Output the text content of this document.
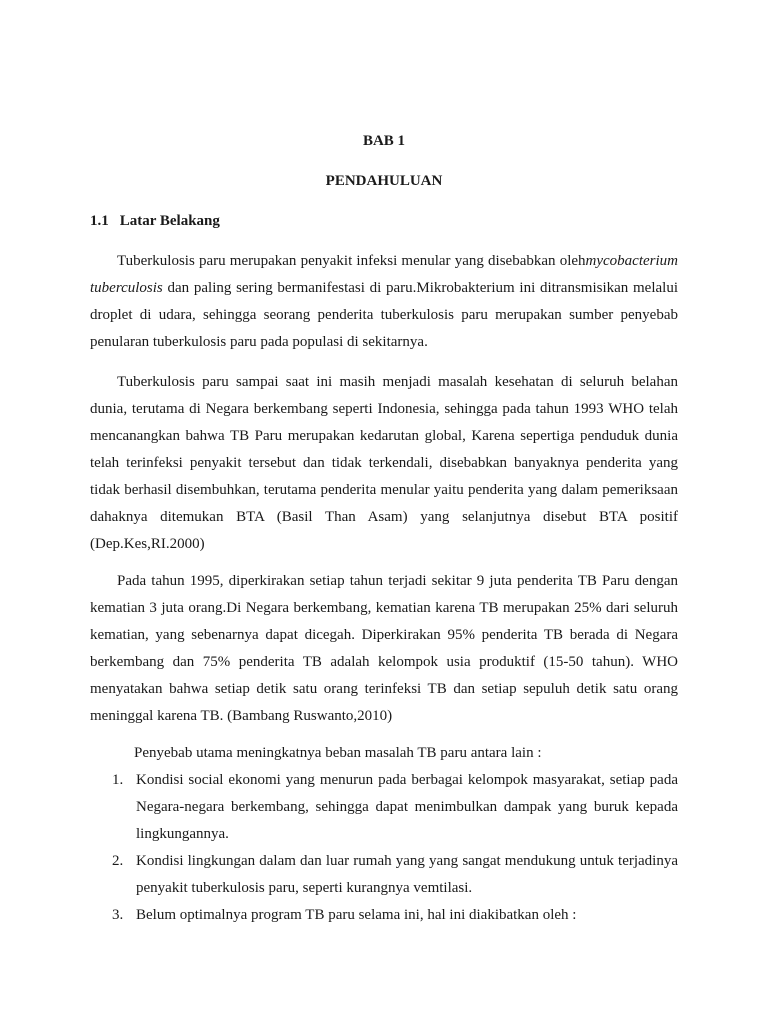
BAB 1
PENDAHULUAN
1.1 Latar Belakang

Tuberkulosis paru merupakan penyakit infeksi menular yang disebabkan olehmycobacterium tuberculosis dan paling sering bermanifestasi di paru.Mikrobakterium ini ditransmisikan melalui droplet di udara, sehingga seorang penderita tuberkulosis paru merupakan sumber penyebab penularan tuberkulosis paru pada populasi di sekitarnya.

Tuberkulosis paru sampai saat ini masih menjadi masalah kesehatan di seluruh belahan dunia, terutama di Negara berkembang seperti Indonesia, sehingga pada tahun 1993 WHO telah mencanangkan bahwa TB Paru merupakan kedarutan global, Karena sepertiga penduduk dunia telah terinfeksi penyakit tersebut dan tidak terkendali, disebabkan banyaknya penderita yang tidak berhasil disembuhkan, terutama penderita menular yaitu penderita yang dalam pemeriksaan dahaknya ditemukan BTA (Basil Than Asam) yang selanjutnya disebut BTA positif (Dep.Kes,RI.2000)

Pada tahun 1995, diperkirakan setiap tahun terjadi sekitar 9 juta penderita TB Paru dengan kematian 3 juta orang.Di Negara berkembang, kematian karena TB merupakan 25% dari seluruh kematian, yang sebenarnya dapat dicegah. Diperkirakan 95% penderita TB berada di Negara berkembang dan 75% penderita TB adalah kelompok usia produktif (15-50 tahun). WHO menyatakan bahwa setiap detik satu orang terinfeksi TB dan setiap sepuluh detik satu orang meninggal karena TB. (Bambang Ruswanto,2010)

Penyebab utama meningkatnya beban masalah TB paru antara lain :
1. Kondisi social ekonomi yang menurun pada berbagai kelompok masyarakat, setiap pada Negara-negara berkembang, sehingga dapat menimbulkan dampak yang buruk kepada lingkungannya.
2. Kondisi lingkungan dalam dan luar rumah yang yang sangat mendukung untuk terjadinya penyakit tuberkulosis paru, seperti kurangnya vemtilasi.
3. Belum optimalnya program TB paru selama ini, hal ini diakibatkan oleh :
